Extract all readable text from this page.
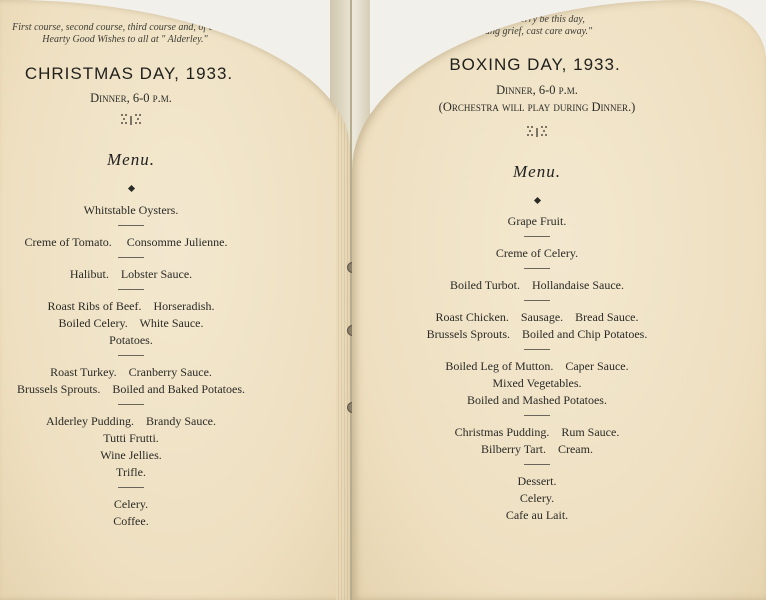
First course, second course, third course and, of course,
Hearty Good Wishes to all at " Alderley."
CHRISTMAS DAY, 1933.
Dinner, 6-0 p.m.
Menu.
Whitstable Oysters.
Creme of Tomato.     Consomme Julienne.
Halibut.    Lobster Sauce.
Roast Ribs of Beef.    Horseradish.
Boiled Celery.    White Sauce.
Potatoes.
Roast Turkey.    Cranberry Sauce.
Brussels Sprouts.    Boiled and Baked Potatoes.
Alderley Pudding.    Brandy Sauce.
Tutti Frutti.
Wine Jellies.
Trifle.
Celery.
Coffee.
" Let's merry be this day,
Hang grief, cast care away."
BOXING DAY, 1933.
Dinner, 6-0 p.m.
(Orchestra will play during Dinner.)
Menu.
Grape Fruit.
Creme of Celery.
Boiled Turbot.    Hollandaise Sauce.
Roast Chicken.    Sausage.    Bread Sauce.
Brussels Sprouts.    Boiled and Chip Potatoes.
Boiled Leg of Mutton.    Caper Sauce.
Mixed Vegetables.
Boiled and Mashed Potatoes.
Christmas Pudding.    Rum Sauce.
Bilberry Tart.    Cream.
Dessert.
Celery.
Cafe au Lait.
